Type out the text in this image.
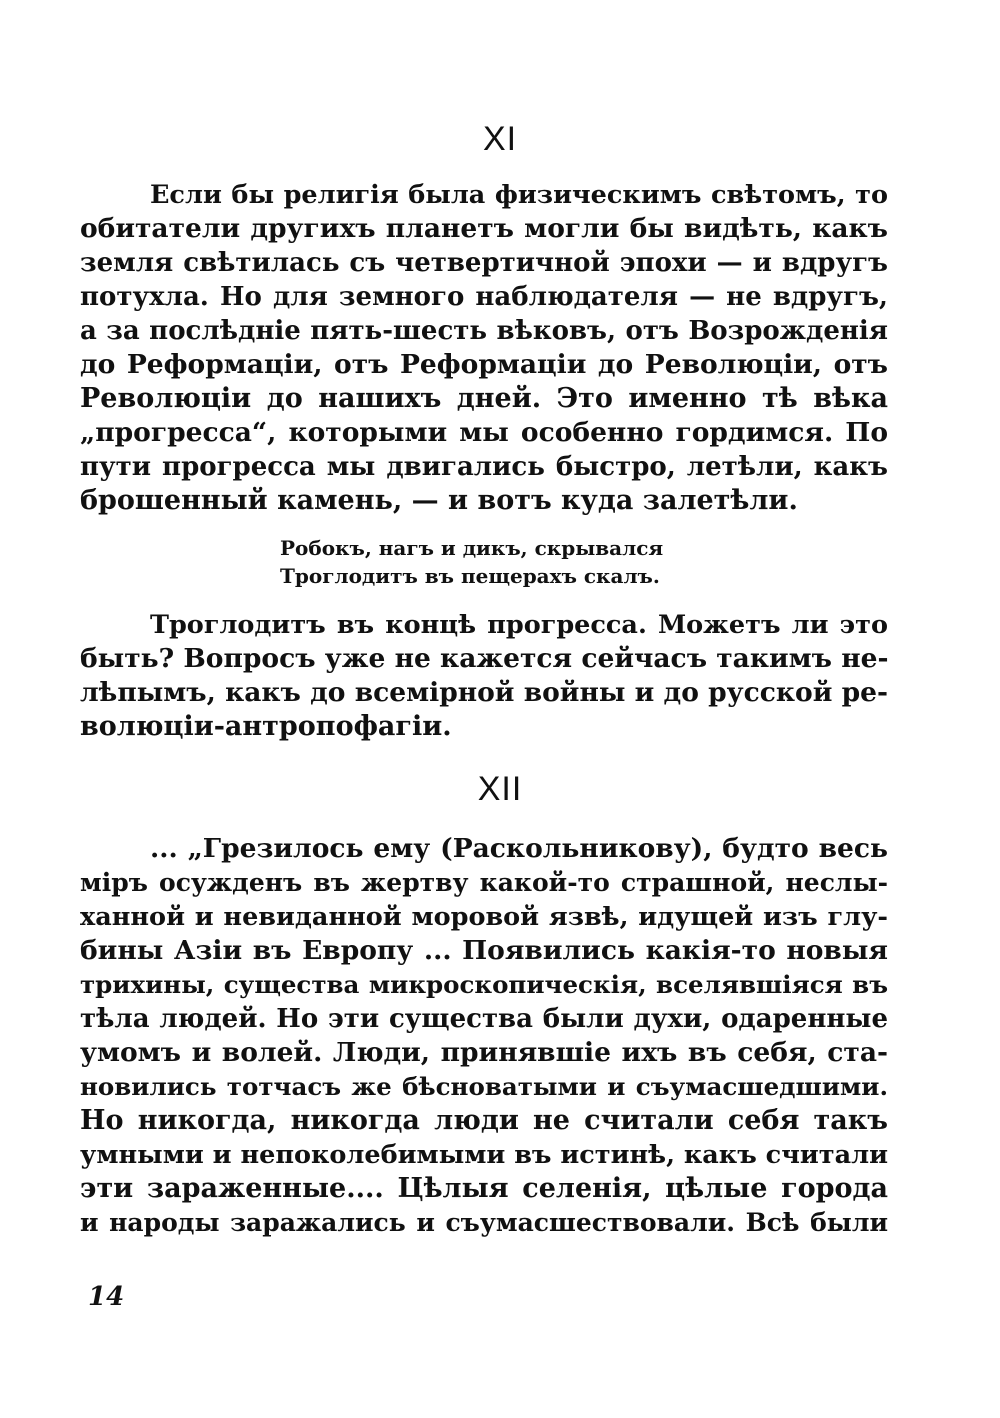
XI
Если бы религія была физическимъ свѣтомъ, то
обитатели другихъ планетъ могли бы видѣть, какъ
земля свѣтилась съ четвертичной эпохи — и вдругъ
потухла. Но для земного наблюдателя — не вдругъ,
а за послѣдніе пять-шесть вѣковъ, отъ Возрожденія
до Реформаціи, отъ Реформаціи до Революціи, отъ
Революціи до нашихъ дней. Это именно тѣ вѣка
„прогресса“, которыми мы особенно гордимся. По
пути прогресса мы двигались быстро, летѣли, какъ
брошенный камень, — и вотъ куда залетѣли.
Робокъ, нагъ и дикъ, скрывался
Троглодитъ въ пещерахъ скалъ.
Троглодитъ въ концѣ прогресса. Можетъ ли это
быть? Вопросъ уже не кажется сейчасъ такимъ не-
лѣпымъ, какъ до всемірной войны и до русской ре-
волюціи-антропофагіи.
XII
... „Грезилось ему (Раскольникову), будто весь
міръ осужденъ въ жертву какой-то страшной, неслы-
ханной и невиданной моровой язвѣ, идущей изъ глу-
бины Азіи въ Европу ... Появились какія-то новыя
трихины, существа микроскопическія, вселявшіяся въ
тѣла людей. Но эти существа были духи, одаренные
умомъ и волей. Люди, принявшіе ихъ въ себя, ста-
новились тотчасъ же бѣсноватыми и съумасшедшими.
Но никогда, никогда люди не считали себя такъ
умными и непоколебимыми въ истинѣ, какъ считали
эти зараженные.... Цѣлыя селенія, цѣлые города
и народы заражались и съумасшествовали. Всѣ были
14
